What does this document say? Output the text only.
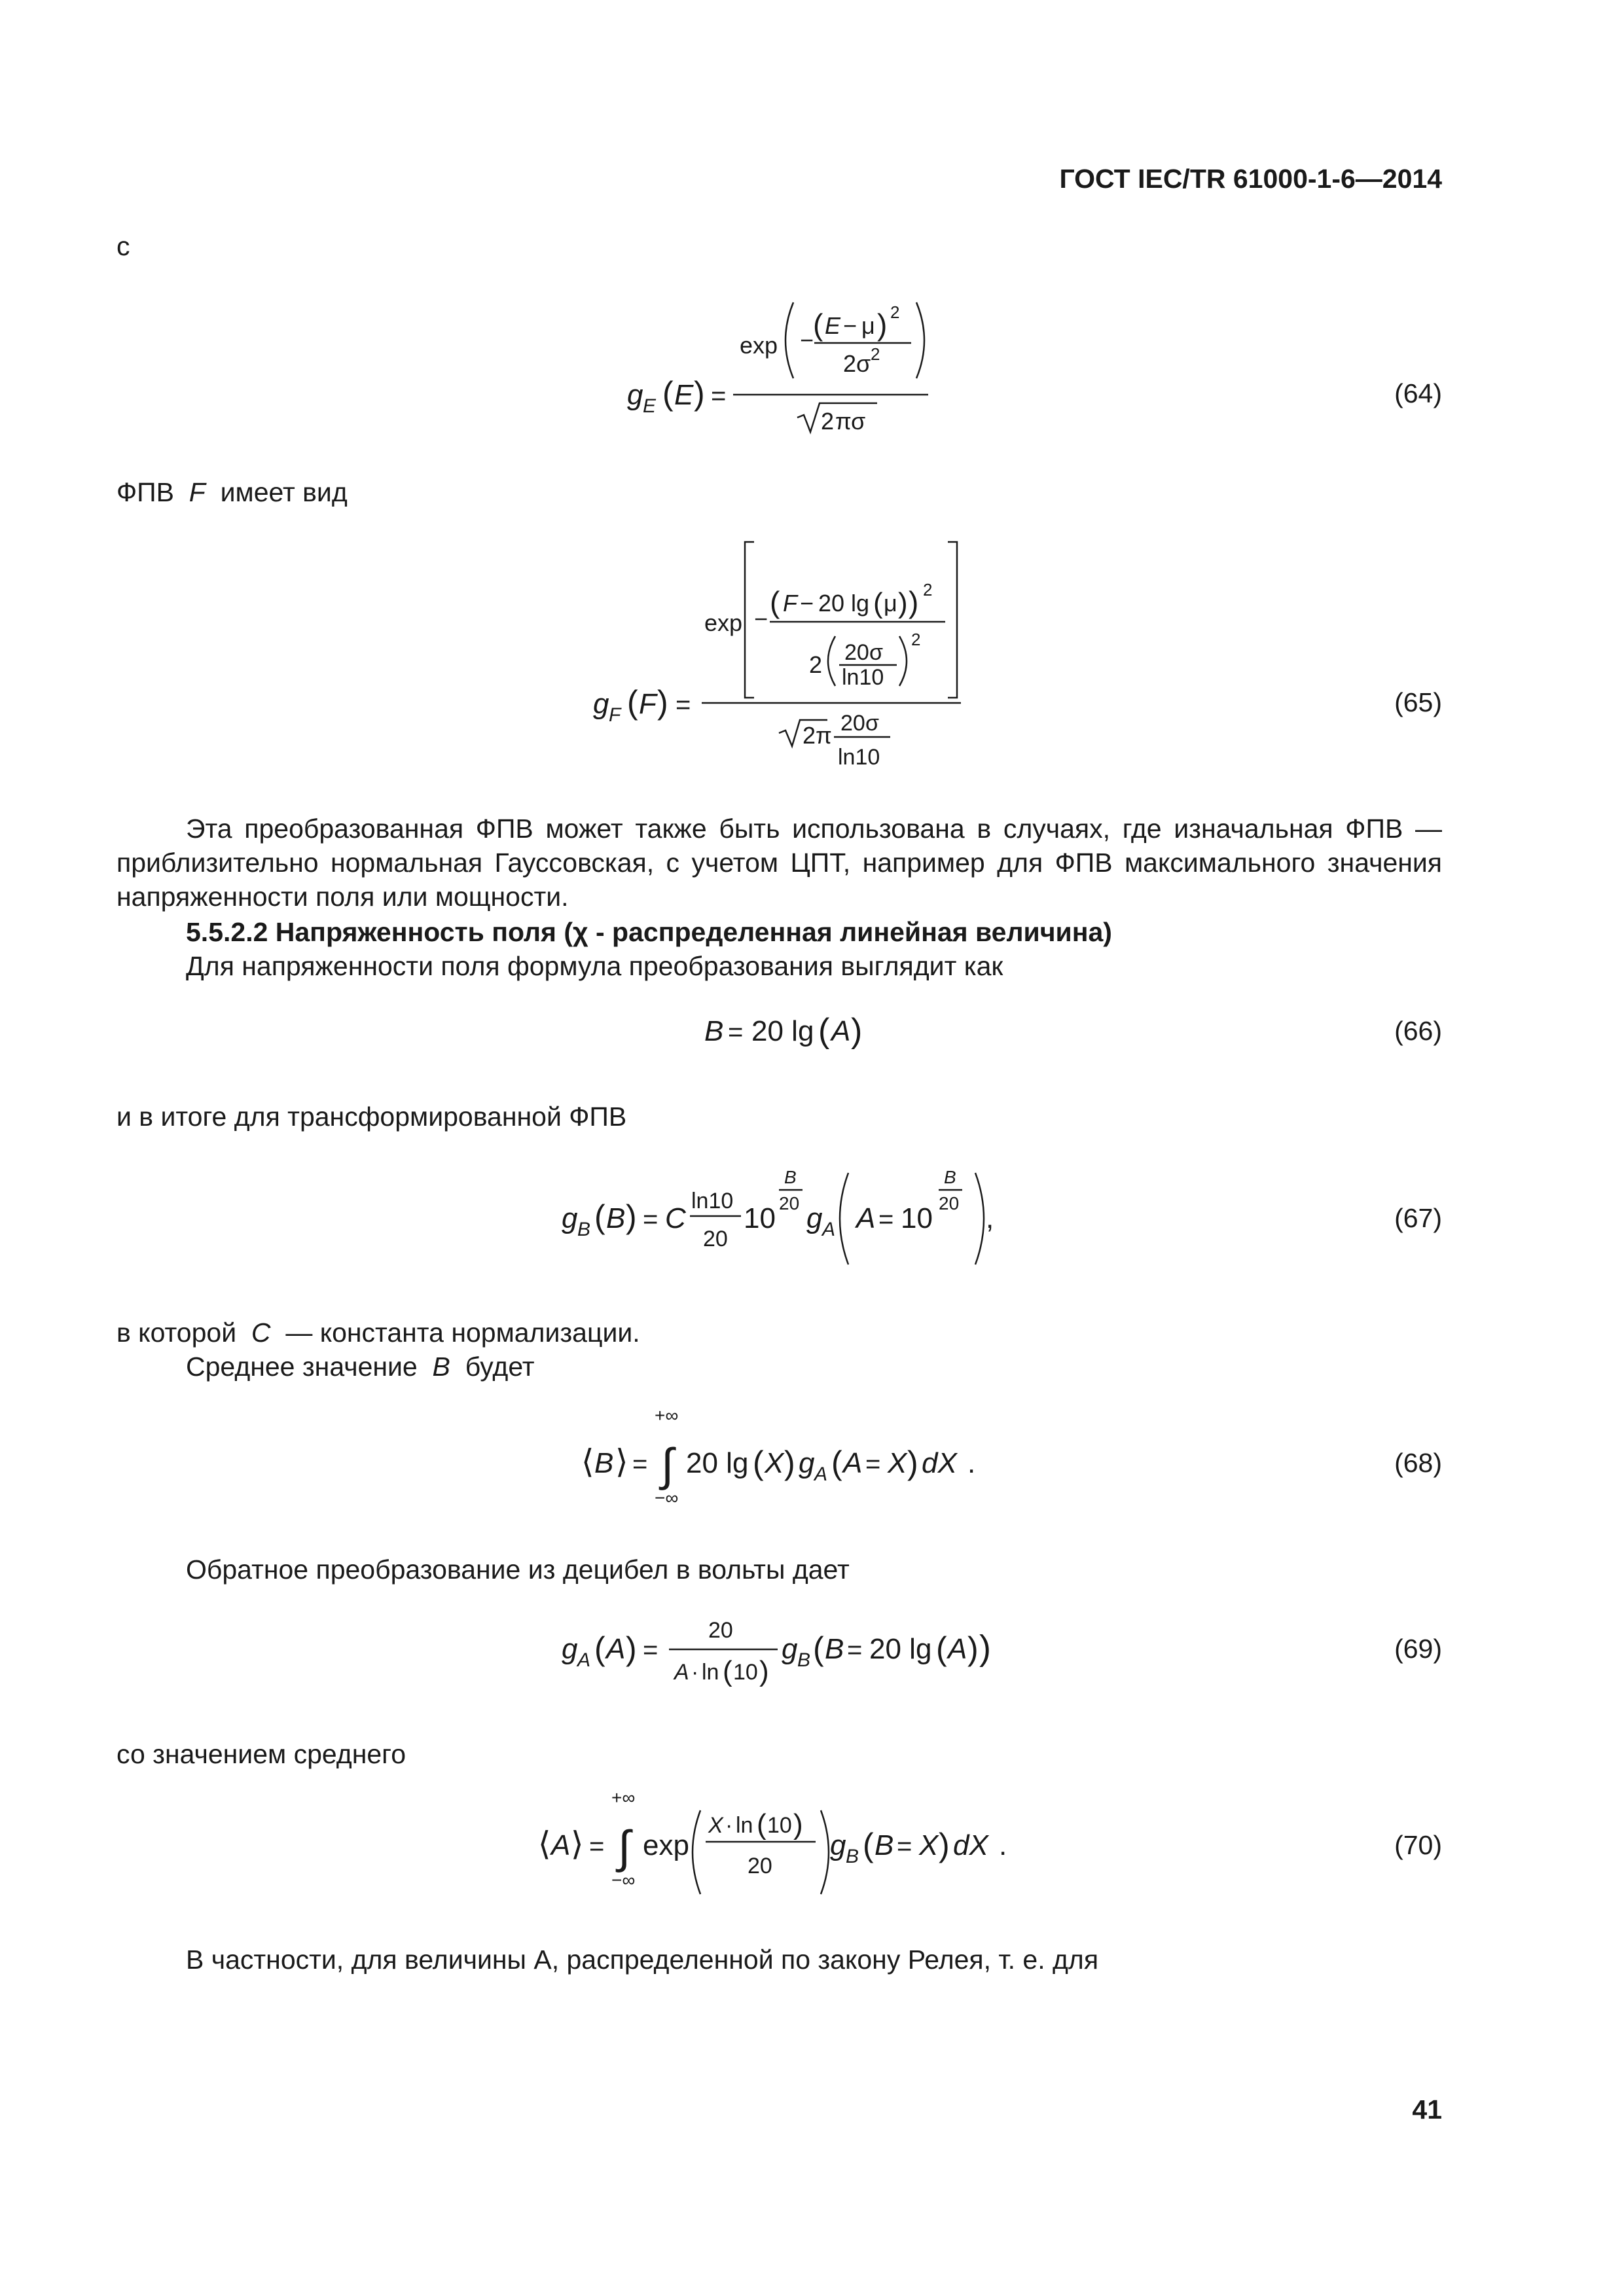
ГОСТ IEC/TR 61000-1-6—2014
с
g E ( E ) =
exp −
( E − μ ) 2
2 σ 2
2 π σ
(64)
ФПВ F имеет вид
g F ( F ) =
exp − ( F − 20 lg ( μ ) ) 2
2 20 σ
ln10
2
2 π 20 σ
ln10
(65)
Эта преобразованная ФПВ может также быть использована в случаях, где изначальная ФПВ — приблизительно нормальная Гауссовская, с учетом ЦПТ, например для ФПВ максимального значения напряженности поля или мощности.
5.5.2.2 Напряженность поля (χ - распределенная линейная величина)
Для напряженности поля формула преобразования выглядит как
B = 20 lg ( A )	(66)
и в итоге для трансформированной ФПВ
g B ( B ) = C
ln10
20
10
B
20 g A A = 10
B
20 ,	(67)
в которой C — константа нормализации.
Среднее значение B будет
⟨ B ⟩ =
+∞
∫
−∞
20 lg ( X ) g A ( A = X ) dX .	(68)
Обратное преобразование из децибел в вольты дает
g A ( A ) =
20
A · ln ( 10 )
g B ( B = 20 lg ( A ) )	(69)
со значением среднего
⟨ A ⟩ =
+∞
∫
−∞
exp
X · ln ( 10 )
20
g B ( B = X ) dX .	(70)
В частности, для величины А, распределенной по закону Релея, т. е. для
41
